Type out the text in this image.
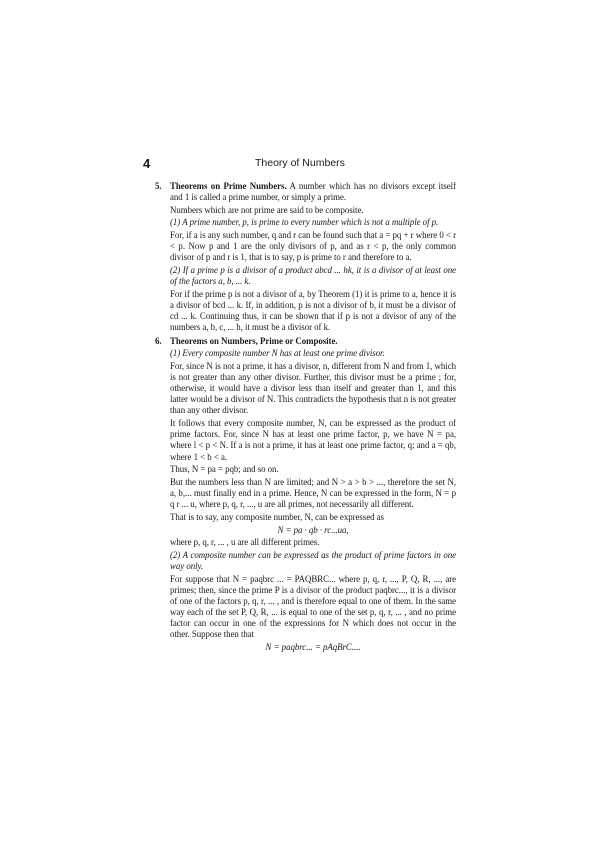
4	Theory of Numbers

5. Theorems on Prime Numbers. A number which has no divisors except itself and 1 is called a prime number, or simply a prime.

Numbers which are not prime are said to be composite.

(1) A prime number, p, is prime to every number which is not a multiple of p.

For, if a is any such number, q and r can be found such that a = pq + r where 0 < r < p. Now p and 1 are the only divisors of p, and as r < p, the only common divisor of p and r is 1, that is to say, p is prime to r and therefore to a.

(2) If a prime p is a divisor of a product abcd ... hk, it is a divisor of at least one of the factors a, b, ... k.

For if the prime p is not a divisor of a, by Theorem (1) it is prime to a, hence it is a divisor of bcd ... k. If, in addition, p is not a divisor of b, it must be a divisor of cd ... k. Continuing thus, it can be shown that if p is not a divisor of any of the numbers a, b, c, ... h, it must be a divisor of k.

6. Theorems on Numbers, Prime or Composite.

(1) Every composite number N has at least one prime divisor.

For, since N is not a prime, it has a divisor, n, different from N and from 1, which is not greater than any other divisor. Further, this divisor must be a prime ; for, otherwise, it would have a divisor less than itself and greater than 1, and this latter would be a divisor of N. This contradicts the hypothesis that n is not greater than any other divisor.

It follows that every composite number, N, can be expressed as the product of prime factors. For, since N has at least one prime factor, p, we have N = pa, where l < p < N. If a is not a prime, it has at least one prime factor, q; and a = qb, where 1 < b < a.

Thus, N = pa = pqb; and so on.

But the numbers less than N are limited; and N > a > b > ..., therefore the set N, a, b,... must finally end in a prime. Hence, N can be expressed in the form, N = p q r ... u, where p, q, r, ..., u are all primes, not necessarily all different.

That is to say, any composite number, N, can be expressed as

N = pa · qb · rc...ua,

where p, q, r, ... , u are all different primes.

(2) A composite number can be expressed as the product of prime factors in one way only.

For suppose that N = paqbrc ... = PAQBRC... where p, q, r, ..., P, Q, R, ..., are primes; then, since the prime P is a divisor of the product paqbrc..., it is a divisor of one of the factors p, q, r, ... , and is therefore equal to one of them. In the same way each of the set P, Q, R, ... is equal to one of the set p, q, r, ... , and no prime factor can occur in one of the expressions for N which does not occur in the other. Suppose then that

N = paqbrc... = pAqBrC....
